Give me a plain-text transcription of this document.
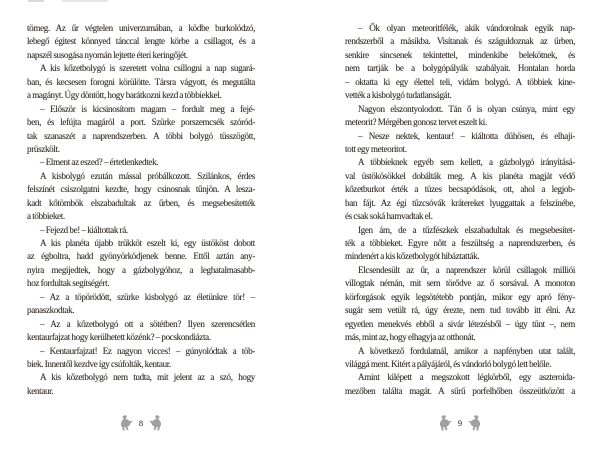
tömeg. Az űr végtelen univerzumában, a ködbe burkolódzó,
lebegő égitest könnyed tánccal lengte körbe a csillagot, és a
napszél susogása nyomán lejtette éteri keringőjét.
A kis kőzetbolygó is szeretett volna csillogni a nap sugará-
ban, és kecsesen forogni körülötte. Társra vágyott, és megutálta
a magányt. Úgy döntött, hogy barátkozni kezd a többiekkel.
– Először is kicsinosítom magam – fordult meg a fejé-
ben, és lefújta magáról a port. Szürke porszemcsék szóród-
tak szanaszét a naprendszerben. A többi bolygó tüsszögött,
prüszkölt.
– Elment az eszed? – értetlenkedtek.
A kisbolygó ezután mással próbálkozott. Szilánkos, érdes
felszínét csiszolgatni kezdte, hogy csinosnak tűnjön. A lesza-
kadt kőtömbök elszabadultak az űrben, és megsebesítették
a többieket.
– Fejezd be! – kiáltottak rá.
A kis planéta újabb trükköt eszelt ki, egy üstököst dobott
az égboltra, hadd gyönyörködjenek benne. Ettől aztán any-
nyira megijedtek, hogy a gázbolygóhoz, a leghatalmasabb-
hoz fordultak segítségért.
– Az a töpörödött, szürke kisbolygó az életünkre tör! –
panaszkodtak.
– Az a kőzetbolygó ott a sötétben? Ilyen szerencsétlen
kentaurfajzat hogy kerülhetett közénk? – pocskondiázta.
– Kentaurfajzat! Ez nagyon vicces! – gúnyolódtak a töb-
biek. Innentől kezdve így csúfolták, kentaur.
A kis kőzetbolygó nem tudta, mit jelent az a szó, hogy
kentaur.
8
– Ők olyan meteoritfélék, akik vándorolnak egyik nap-
rendszerből a másikba. Visítanak és száguldoznak az űrben,
senkire sincsenek tekintettel, mindenkibe belekötnek, és
nem tartják be a bolygópályák szabályait. Hontalan horda
– oktatta ki egy élettel teli, vidám bolygó. A többiek kine-
vették a kisbolygó tudatlanságát.
Nagyon elszontyolodott. Tán ő is olyan csúnya, mint egy
meteorit? Mérgében gonosz tervet eszelt ki.
– Nesze nektek, kentaur! – kiáltotta dühösen, és elhají-
tott egy meteoritot.
A többieknek egyéb sem kellett, a gázbolygó irányításá-
val üstökösökkel dobálták meg. A kis planéta magját védő
kőzetburkot érték a tüzes becsapódások, ott, ahol a legjob-
ban fájt. Az égi tűzcsóvák krátereket lyuggattak a felszínébe,
és csak soká hamvadtak el.
Igen ám, de a tűzfészkek elszabadultak és megsebesítet-
ték a többieket. Egyre nőtt a feszültség a naprendszerben, és
mindenért a kis kőzetbolygót hibáztatták.
Elcsendesült az űr, a naprendszer körül csillagok milliói
villogtak némán, mit sem törődve az ő sorsával. A monoton
körforgások egyik legsötétebb pontján, mikor egy apró fény-
sugár sem vetült rá, úgy érezte, nem tud tovább itt élni. Az
egyetlen menekvés ebből a sivár létezésből – úgy tűnt –, nem
más, mint az, hogy elhagyja az otthonát.
A következő fordulatnál, amikor a napfényben utat talált,
világgá ment. Kitért a pályájáról, és vándorló bolygó lett belőle.
Amint kilépett a megszokott légkörből, egy aszteroida-
mezőben találta magát. A sűrű porfelhőben összeütközött a
9
